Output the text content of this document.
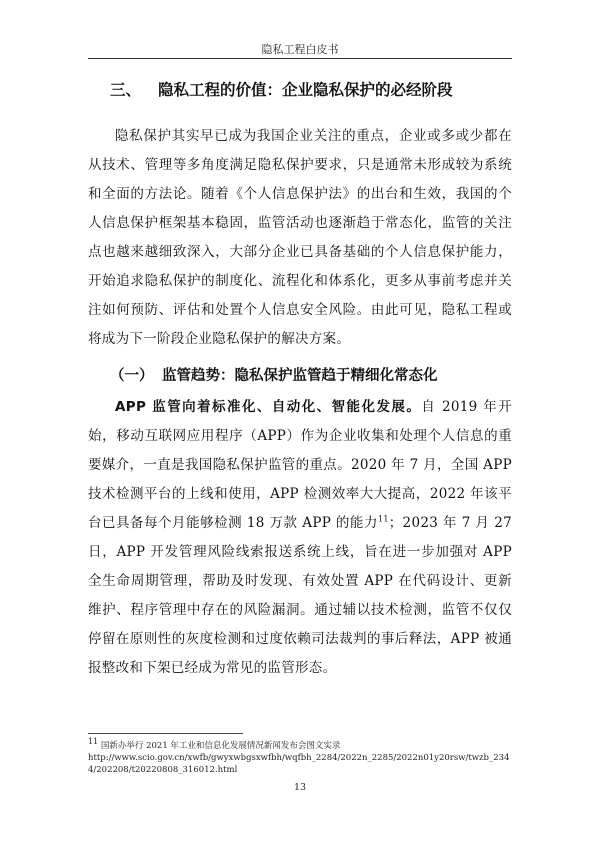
隐私工程白皮书
三、 隐私工程的价值：企业隐私保护的必经阶段

隐私保护其实早已成为我国企业关注的重点，企业或多或少都在从技术、管理等多角度满足隐私保护要求，只是通常未形成较为系统和全面的方法论。随着《个人信息保护法》的出台和生效，我国的个人信息保护框架基本稳固，监管活动也逐渐趋于常态化，监管的关注点也越来越细致深入，大部分企业已具备基础的个人信息保护能力，开始追求隐私保护的制度化、流程化和体系化，更多从事前考虑并关注如何预防、评估和处置个人信息安全风险。由此可见，隐私工程或将成为下一阶段企业隐私保护的解决方案。

（一） 监管趋势：隐私保护监管趋于精细化常态化

APP 监管向着标准化、自动化、智能化发展。自 2019 年开始，移动互联网应用程序（APP）作为企业收集和处理个人信息的重要媒介，一直是我国隐私保护监管的重点。2020 年 7 月，全国 APP 技术检测平台的上线和使用，APP 检测效率大大提高，2022 年该平台已具备每个月能够检测 18 万款 APP 的能力$^{11}$；2023 年 7 月 27 日，APP 开发管理风险线索报送系统上线，旨在进一步加强对 APP 全生命周期管理，帮助及时发现、有效处置 APP 在代码设计、更新维护、程序管理中存在的风险漏洞。通过辅以技术检测，监管不仅仅停留在原则性的灰度检测和过度依赖司法裁判的事后释法，APP 被通报整改和下架已经成为常见的监管形态。

$^{11}$ 国新办举行 2021 年工业和信息化发展情况新闻发布会图文实录
http://www.scio.gov.cn/xwfb/gwyxwbgsxwfbh/wqfbh_2284/2022n_2285/2022n01y20rsw/twzb_2344/202208/t20220808_316012.html
13
